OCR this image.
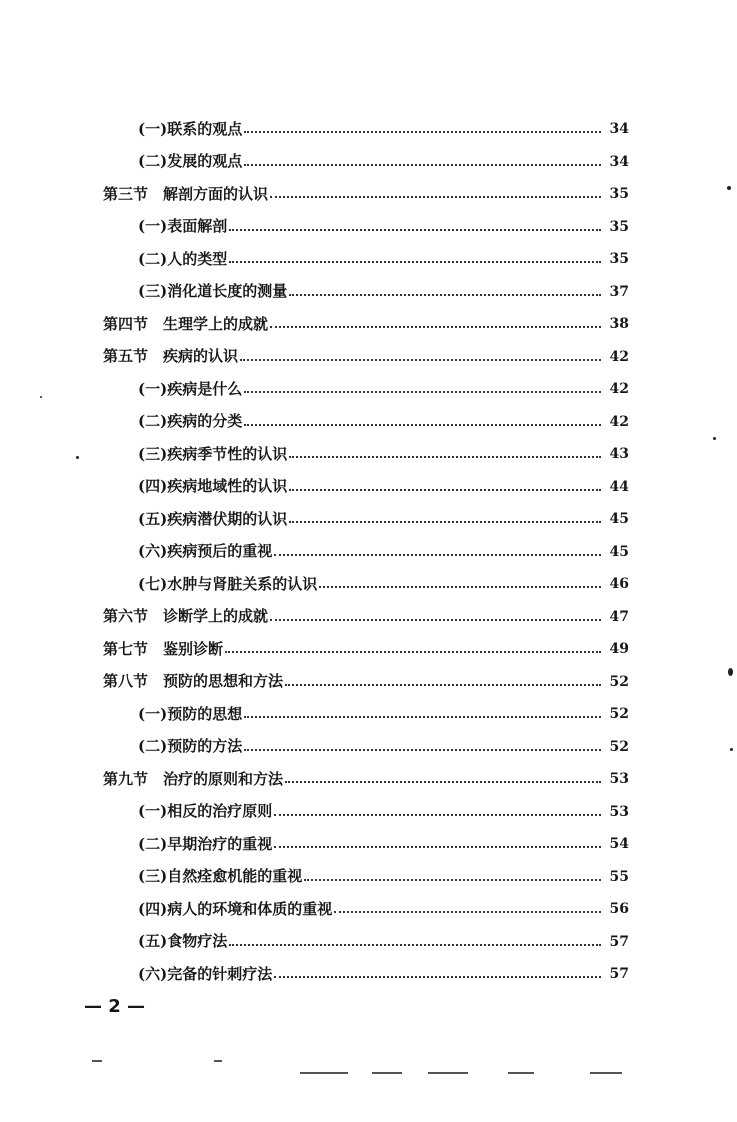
(一)联系的观点	34
(二)发展的观点	34
第三节　解剖方面的认识	35
(一)表面解剖	35
(二)人的类型	35
(三)消化道长度的测量	37
第四节　生理学上的成就	38
第五节　疾病的认识	42
(一)疾病是什么	42
(二)疾病的分类	42
(三)疾病季节性的认识	43
(四)疾病地域性的认识	44
(五)疾病潜伏期的认识	45
(六)疾病预后的重视	45
(七)水肿与肾脏关系的认识	46
第六节　诊断学上的成就	47
第七节　鉴别诊断	49
第八节　预防的思想和方法	52
(一)预防的思想	52
(二)预防的方法	52
第九节　治疗的原则和方法	53
(一)相反的治疗原则	53
(二)早期治疗的重视	54
(三)自然痊愈机能的重视	55
(四)病人的环境和体质的重视	56
(五)食物疗法	57
(六)完备的针刺疗法	57
— 2 —
